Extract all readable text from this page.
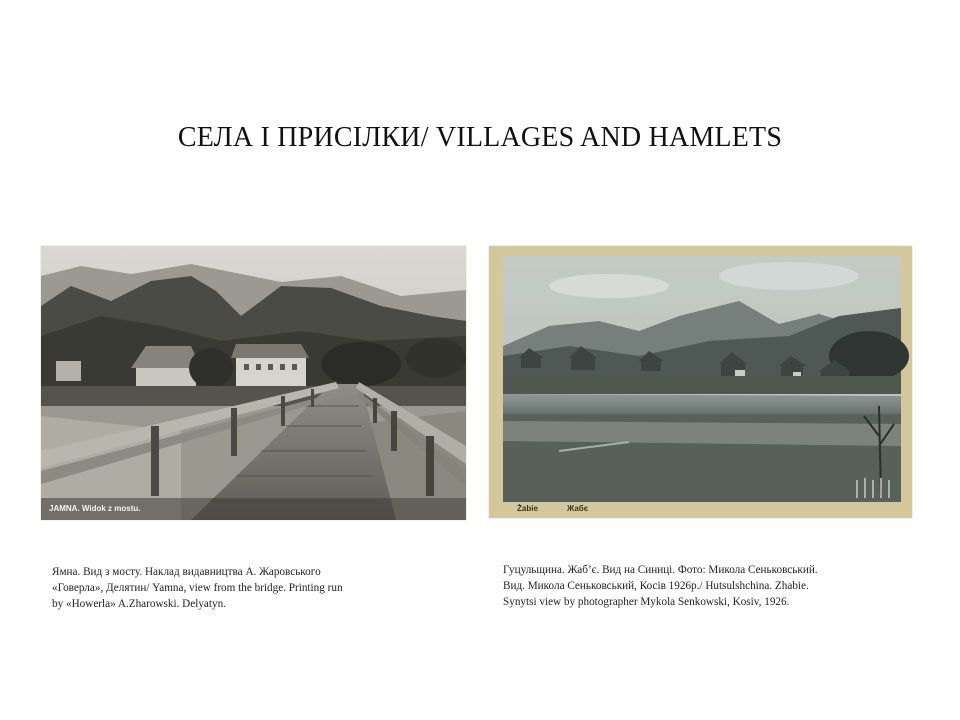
СЕЛА І ПРИСІЛКИ/ VILLAGES AND HAMLETS
JAMNA. Widok z mostu.	Żabie	Жабє
Ямна. Вид з мосту. Наклад видавництва А. Жаровського
«Говерла», Делятин/ Yamna, view from the bridge. Printing run
by «Howerla» A.Zharowski. Delyatyn.
Гуцульщина. Жаб’є. Вид на Синиці. Фото: Микола Сеньковський.
Вид. Микола Сеньковський, Косів 1926р./ Hutsulshchina. Zhabie.
Synytsi view by photographer Mykola Senkowski, Kosiv, 1926.
